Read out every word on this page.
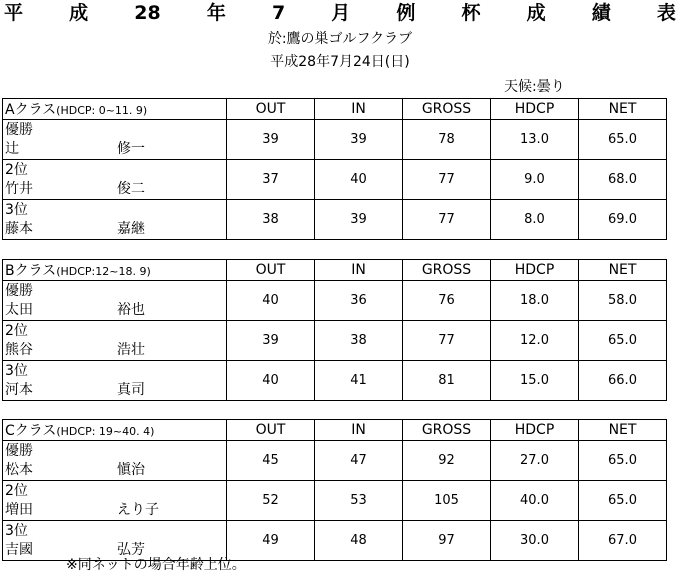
平 成 28 年 7 月 例 杯 成 績 表
於:鷹の巣ゴルフクラブ
平成28年7月24日(日)
天候:曇り
Aクラス(HDCP: 0~11. 9)	OUT	IN	GROSS	HDCP	NET

優勝
辻 修一	39	39	78	13.0	65.0

2位
竹井 俊二	37	40	77	9.0	68.0

3位
藤本 嘉継	38	39	77	8.0	69.0
Bクラス(HDCP:12~18. 9)	OUT	IN	GROSS	HDCP	NET

優勝
太田 裕也	40	36	76	18.0	58.0

2位
熊谷 浩壮	39	38	77	12.0	65.0

3位
河本 真司	40	41	81	15.0	66.0
Cクラス(HDCP: 19~40. 4)	OUT	IN	GROSS	HDCP	NET

優勝
松本 愼治	45	47	92	27.0	65.0

2位
増田 えり子	52	53	105	40.0	65.0

3位
吉國 弘芳	49	48	97	30.0	67.0
※同ネットの場合年齢上位。
